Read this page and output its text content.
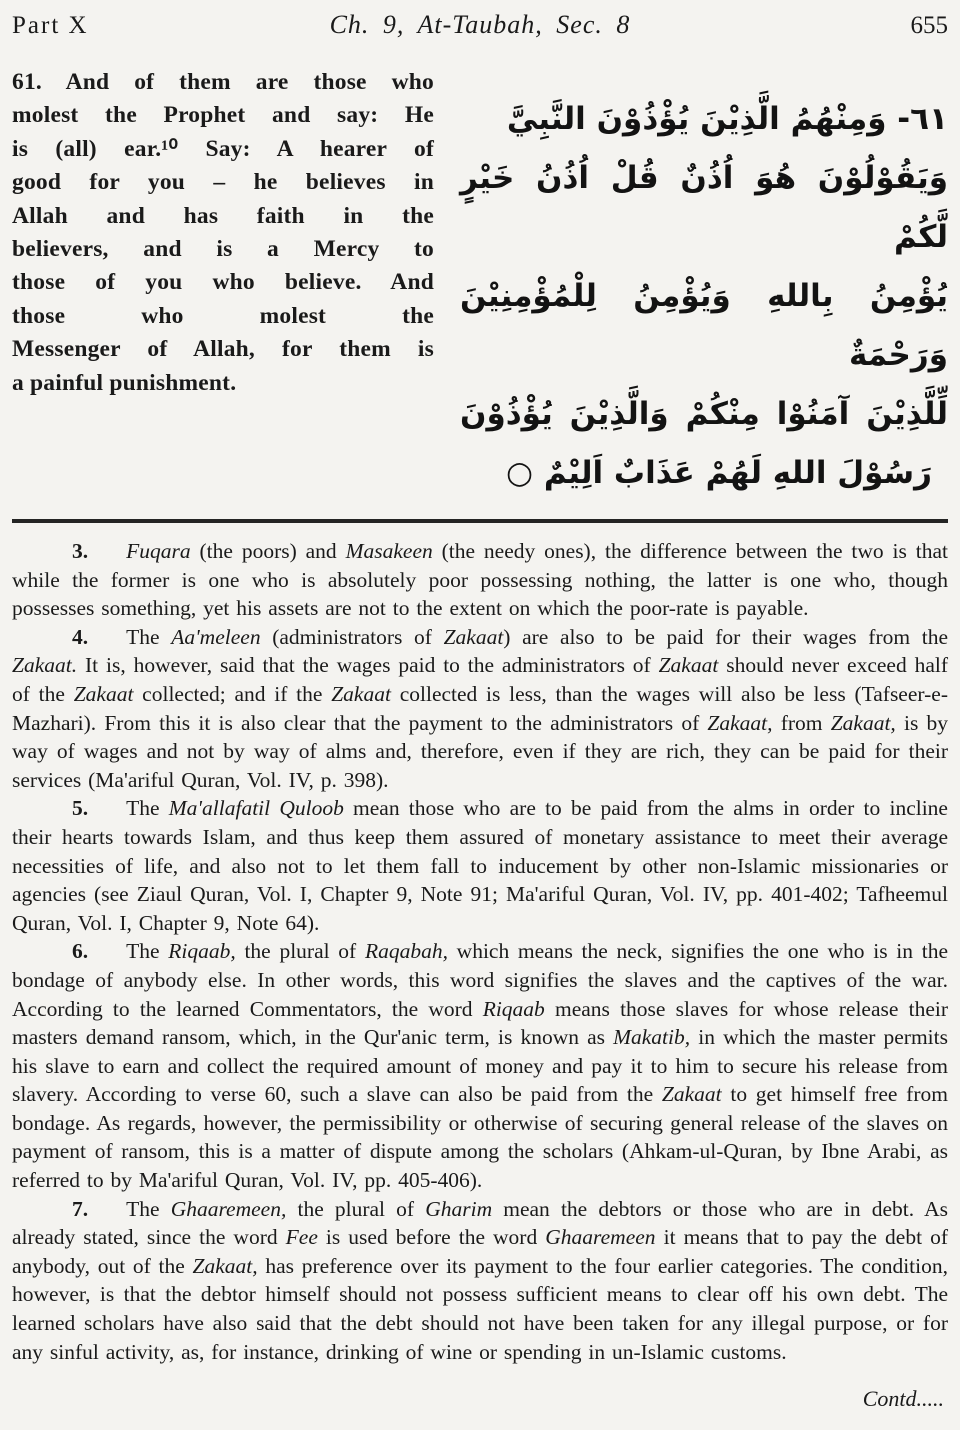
Part X	Ch. 9, At-Taubah, Sec. 8	655
61. And of them are those who
molest the Prophet and say: He
is (all) ear.¹⁰ Say: A hearer of
good for you – he believes in
Allah and has faith in the
believers, and is a Mercy to
those of you who believe. And
those who molest the
Messenger of Allah, for them is
a painful punishment.
٦١- وَمِنْهُمُ الَّذِيْنَ يُؤْذُوْنَ النَّبِيَّ
وَيَقُوْلُوْنَ هُوَ اُذُنٌ قُلْ اُذُنُ خَيْرٍ لَّكُمْ
يُؤْمِنُ بِاللهِ وَيُؤْمِنُ لِلْمُؤْمِنِيْنَ وَرَحْمَةٌ
لِّلَّذِيْنَ آمَنُوْا مِنْكُمْ وَالَّذِيْنَ يُؤْذُوْنَ
رَسُوْلَ اللهِ لَهُمْ عَذَابٌ اَلِيْمٌ ○

3. Fuqara (the poors) and Masakeen (the needy ones), the difference between the two is that while the former is one who is absolutely poor possessing nothing, the latter is one who, though possesses something, yet his assets are not to the extent on which the poor-rate is payable.

4. The Aa'meleen (administrators of Zakaat) are also to be paid for their wages from the Zakaat. It is, however, said that the wages paid to the administrators of Zakaat should never exceed half of the Zakaat collected; and if the Zakaat collected is less, than the wages will also be less (Tafseer-e-Mazhari). From this it is also clear that the payment to the administrators of Zakaat, from Zakaat, is by way of wages and not by way of alms and, therefore, even if they are rich, they can be paid for their services (Ma'ariful Quran, Vol. IV, p. 398).

5. The Ma'allafatil Quloob mean those who are to be paid from the alms in order to incline their hearts towards Islam, and thus keep them assured of monetary assistance to meet their average necessities of life, and also not to let them fall to inducement by other non-Islamic missionaries or agencies (see Ziaul Quran, Vol. I, Chapter 9, Note 91; Ma'ariful Quran, Vol. IV, pp. 401-402; Tafheemul Quran, Vol. I, Chapter 9, Note 64).

6. The Riqaab, the plural of Raqabah, which means the neck, signifies the one who is in the bondage of anybody else. In other words, this word signifies the slaves and the captives of the war. According to the learned Commentators, the word Riqaab means those slaves for whose release their masters demand ransom, which, in the Qur'anic term, is known as Makatib, in which the master permits his slave to earn and collect the required amount of money and pay it to him to secure his release from slavery. According to verse 60, such a slave can also be paid from the Zakaat to get himself free from bondage. As regards, however, the permissibility or otherwise of securing general release of the slaves on payment of ransom, this is a matter of dispute among the scholars (Ahkam-ul-Quran, by Ibne Arabi, as referred to by Ma'ariful Quran, Vol. IV, pp. 405-406).

7. The Ghaaremeen, the plural of Gharim mean the debtors or those who are in debt. As already stated, since the word Fee is used before the word Ghaaremeen it means that to pay the debt of anybody, out of the Zakaat, has preference over its payment to the four earlier categories. The condition, however, is that the debtor himself should not possess sufficient means to clear off his own debt. The learned scholars have also said that the debt should not have been taken for any illegal purpose, or for any sinful activity, as, for instance, drinking of wine or spending in un-Islamic customs.

Contd.....
